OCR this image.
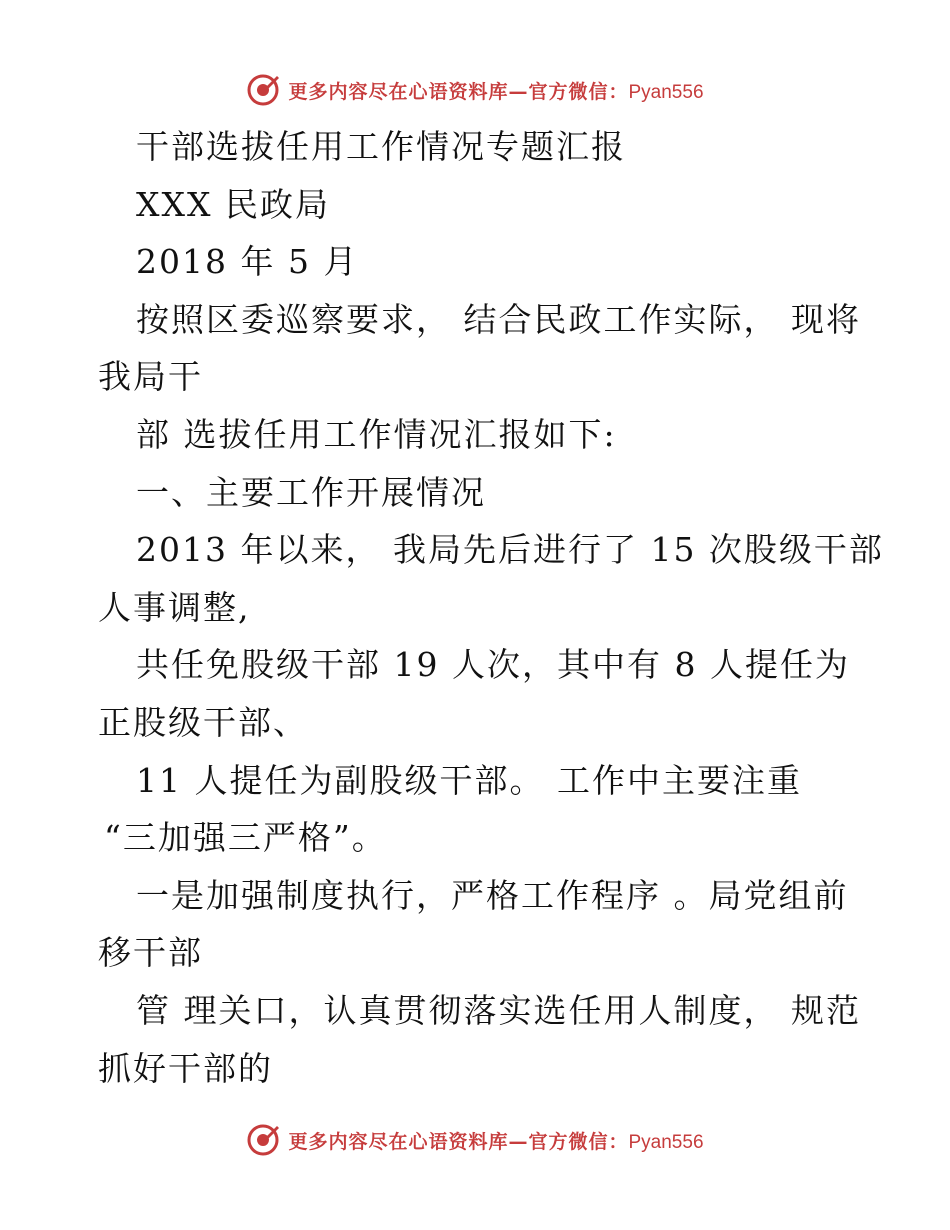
更多内容尽在心语资料库—官方微信：Pyan556
干部选拔任用工作情况专题汇报
XXX 民政局
2018 年 5 月
按照区委巡察要求， 结合民政工作实际， 现将
我局干
部 选拔任用工作情况汇报如下:
一、主要工作开展情况
2013 年以来， 我局先后进行了 15 次股级干部
人事调整,
共任免股级干部 19 人次，其中有 8 人提任为
正股级干部、
11 人提任为副股级干部。 工作中主要注重
“三加强三严格”。
一是加强制度执行，严格工作程序 。局党组前
移干部
管 理关口，认真贯彻落实选任用人制度， 规范
抓好干部的
更多内容尽在心语资料库—官方微信：Pyan556
